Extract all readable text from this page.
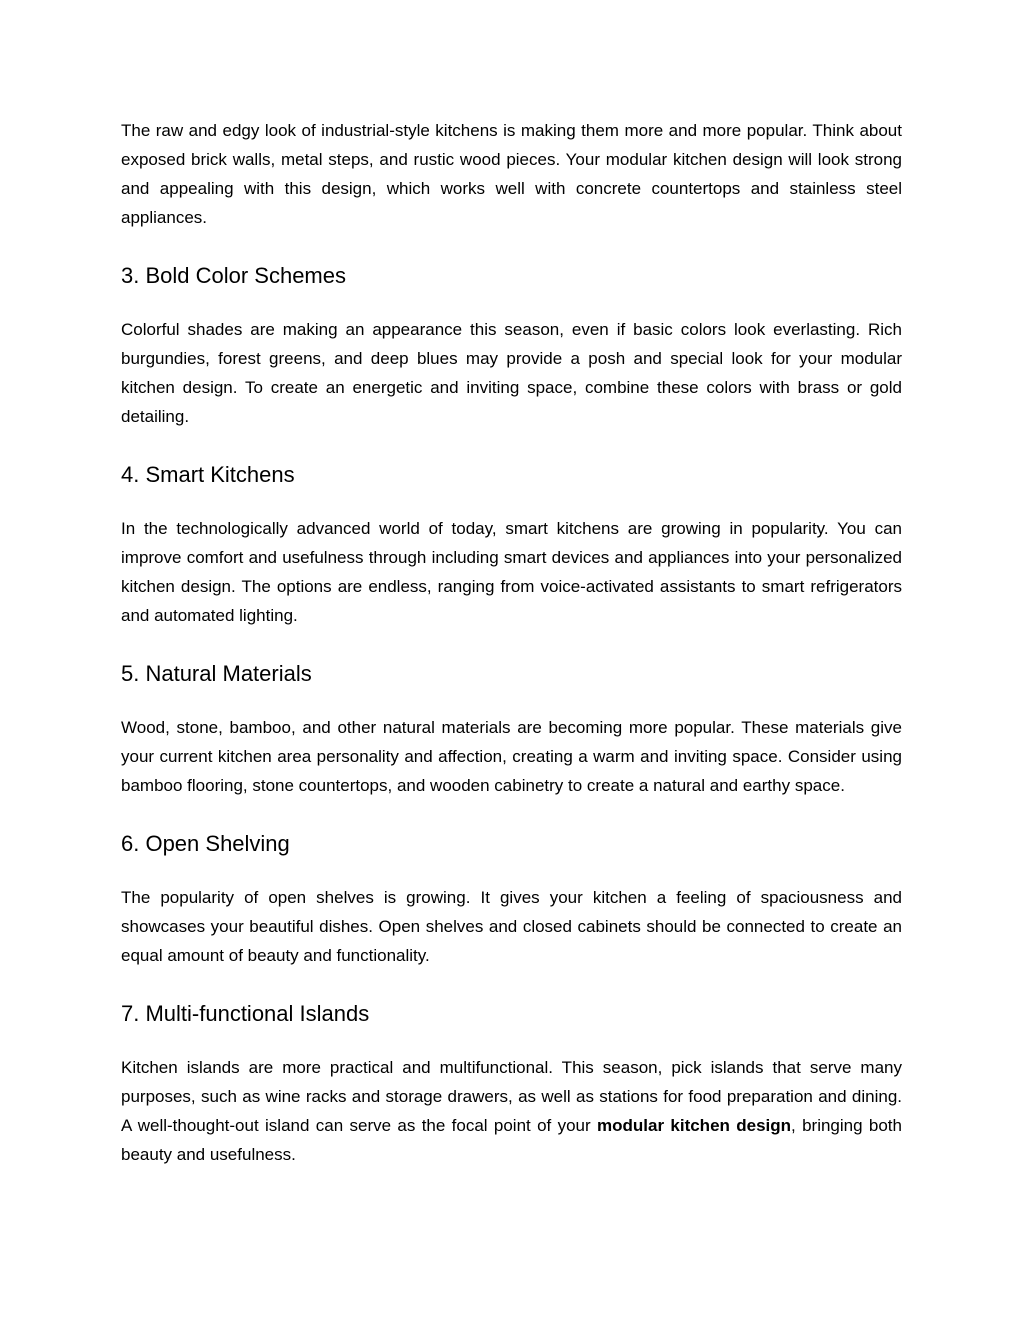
The raw and edgy look of industrial-style kitchens is making them more and more popular. Think about exposed brick walls, metal steps, and rustic wood pieces. Your modular kitchen design will look strong and appealing with this design, which works well with concrete countertops and stainless steel appliances.

3. Bold Color Schemes

Colorful shades are making an appearance this season, even if basic colors look everlasting. Rich burgundies, forest greens, and deep blues may provide a posh and special look for your modular kitchen design. To create an energetic and inviting space, combine these colors with brass or gold detailing.

4. Smart Kitchens

In the technologically advanced world of today, smart kitchens are growing in popularity. You can improve comfort and usefulness through including smart devices and appliances into your personalized kitchen design. The options are endless, ranging from voice-activated assistants to smart refrigerators and automated lighting.

5. Natural Materials

Wood, stone, bamboo, and other natural materials are becoming more popular. These materials give your current kitchen area personality and affection, creating a warm and inviting space. Consider using bamboo flooring, stone countertops, and wooden cabinetry to create a natural and earthy space.

6. Open Shelving

The popularity of open shelves is growing. It gives your kitchen a feeling of spaciousness and showcases your beautiful dishes. Open shelves and closed cabinets should be connected to create an equal amount of beauty and functionality.

7. Multi-functional Islands

Kitchen islands are more practical and multifunctional. This season, pick islands that serve many purposes, such as wine racks and storage drawers, as well as stations for food preparation and dining. A well-thought-out island can serve as the focal point of your modular kitchen design, bringing both beauty and usefulness.
